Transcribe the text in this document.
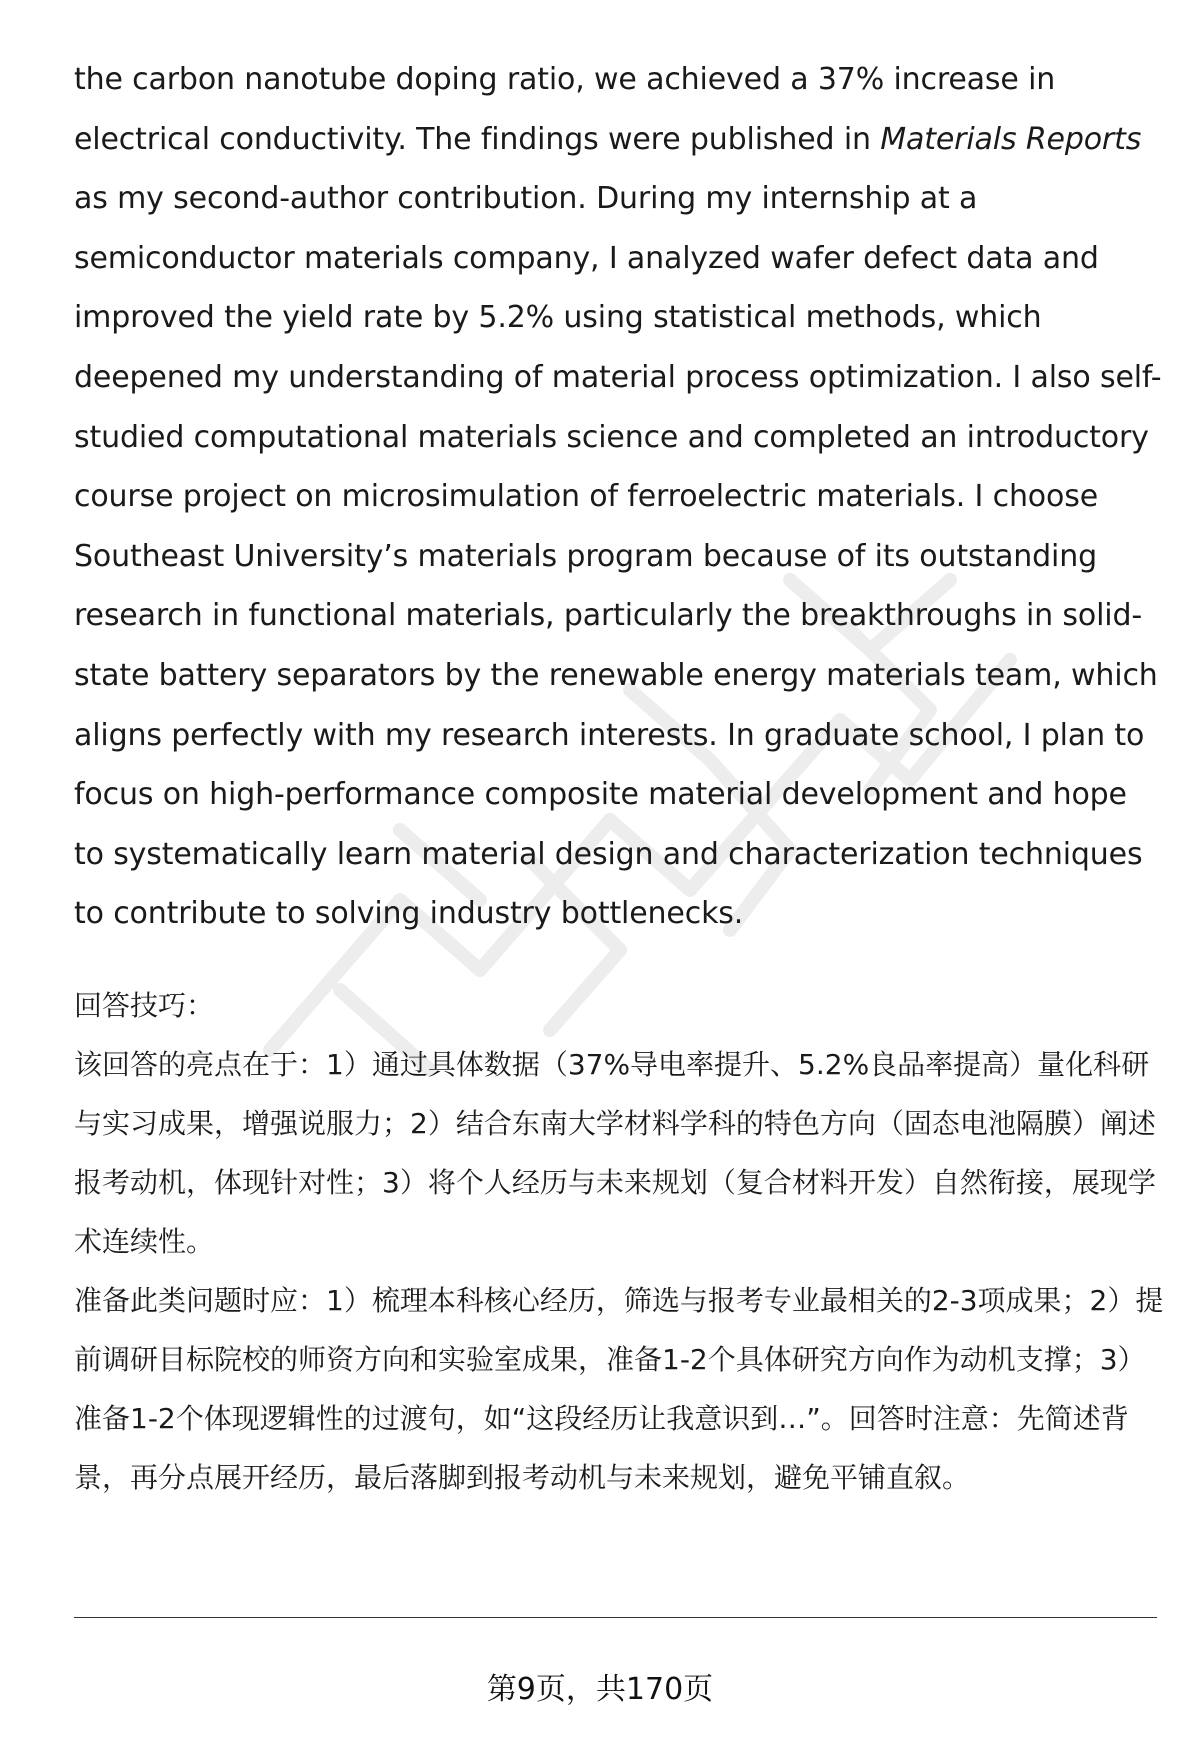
the carbon nanotube doping ratio, we achieved a 37% increase in electrical conductivity. The findings were published in Materials Reports as my second-author contribution. During my internship at a semiconductor materials company, I analyzed wafer defect data and improved the yield rate by 5.2% using statistical methods, which deepened my understanding of material process optimization. I also self-studied computational materials science and completed an introductory course project on microsimulation of ferroelectric materials. I choose Southeast University’s materials program because of its outstanding research in functional materials, particularly the breakthroughs in solid-state battery separators by the renewable energy materials team, which aligns perfectly with my research interests. In graduate school, I plan to focus on high-performance composite material development and hope to systematically learn material design and characterization techniques to contribute to solving industry bottlenecks.

回答技巧：

该回答的亮点在于：1）通过具体数据（37%导电率提升、5.2%良品率提高）量化科研与实习成果，增强说服力；2）结合东南大学材料学科的特色方向（固态电池隔膜）阐述报考动机，体现针对性；3）将个人经历与未来规划（复合材料开发）自然衔接，展现学术连续性。

准备此类问题时应：1）梳理本科核心经历，筛选与报考专业最相关的2-3项成果；2）提前调研目标院校的师资方向和实验室成果，准备1-2个具体研究方向作为动机支撑；3）准备1-2个体现逻辑性的过渡句，如“这段经历让我意识到…”。回答时注意：先简述背景，再分点展开经历，最后落脚到报考动机与未来规划，避免平铺直叙。

第9页，共170页
